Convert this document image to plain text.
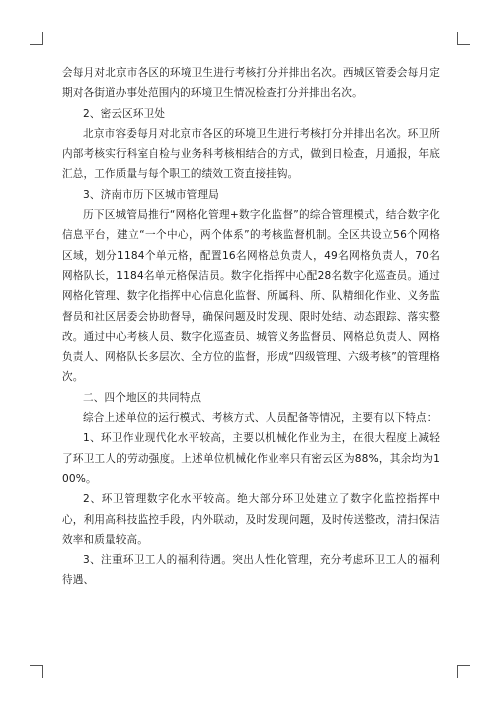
会每月对北京市各区的环境卫生进行考核打分并排出名次。西城区管委会每月定期对各街道办事处范围内的环境卫生情况检查打分并排出名次。

2、密云区环卫处

北京市容委每月对北京市各区的环境卫生进行考核打分并排出名次。环卫所内部考核实行科室自检与业务科考核相结合的方式，做到日检查，月通报，年底汇总，工作质量与每个职工的绩效工资直接挂钩。

3、济南市历下区城市管理局

历下区城管局推行“网格化管理+数字化监督”的综合管理模式，结合数字化信息平台，建立“一个中心，两个体系”的考核监督机制。全区共设立56个网格区域，划分1184个单元格，配置16名网格总负责人，49名网格负责人，70名网格队长，1184名单元格保洁员。数字化指挥中心配28名数字化巡查员。通过网格化管理、数字化指挥中心信息化监督、所属科、所、队精细化作业、义务监督员和社区居委会协助督导，确保问题及时发现、限时处结、动态跟踪、落实整改。通过中心考核人员、数字化巡查员、城管义务监督员、网格总负责人、网格负责人、网格队长多层次、全方位的监督，形成“四级管理、六级考核”的管理格次。

二、四个地区的共同特点

综合上述单位的运行模式、考核方式、人员配备等情况，主要有以下特点：

1、环卫作业现代化水平较高，主要以机械化作业为主，在很大程度上减轻了环卫工人的劳动强度。上述单位机械化作业率只有密云区为88%，其余均为100%。

2、环卫管理数字化水平较高。绝大部分环卫处建立了数字化监控指挥中心，利用高科技监控手段，内外联动，及时发现问题，及时传送整改，清扫保洁效率和质量较高。

3、注重环卫工人的福利待遇。突出人性化管理，充分考虑环卫工人的福利待遇、
